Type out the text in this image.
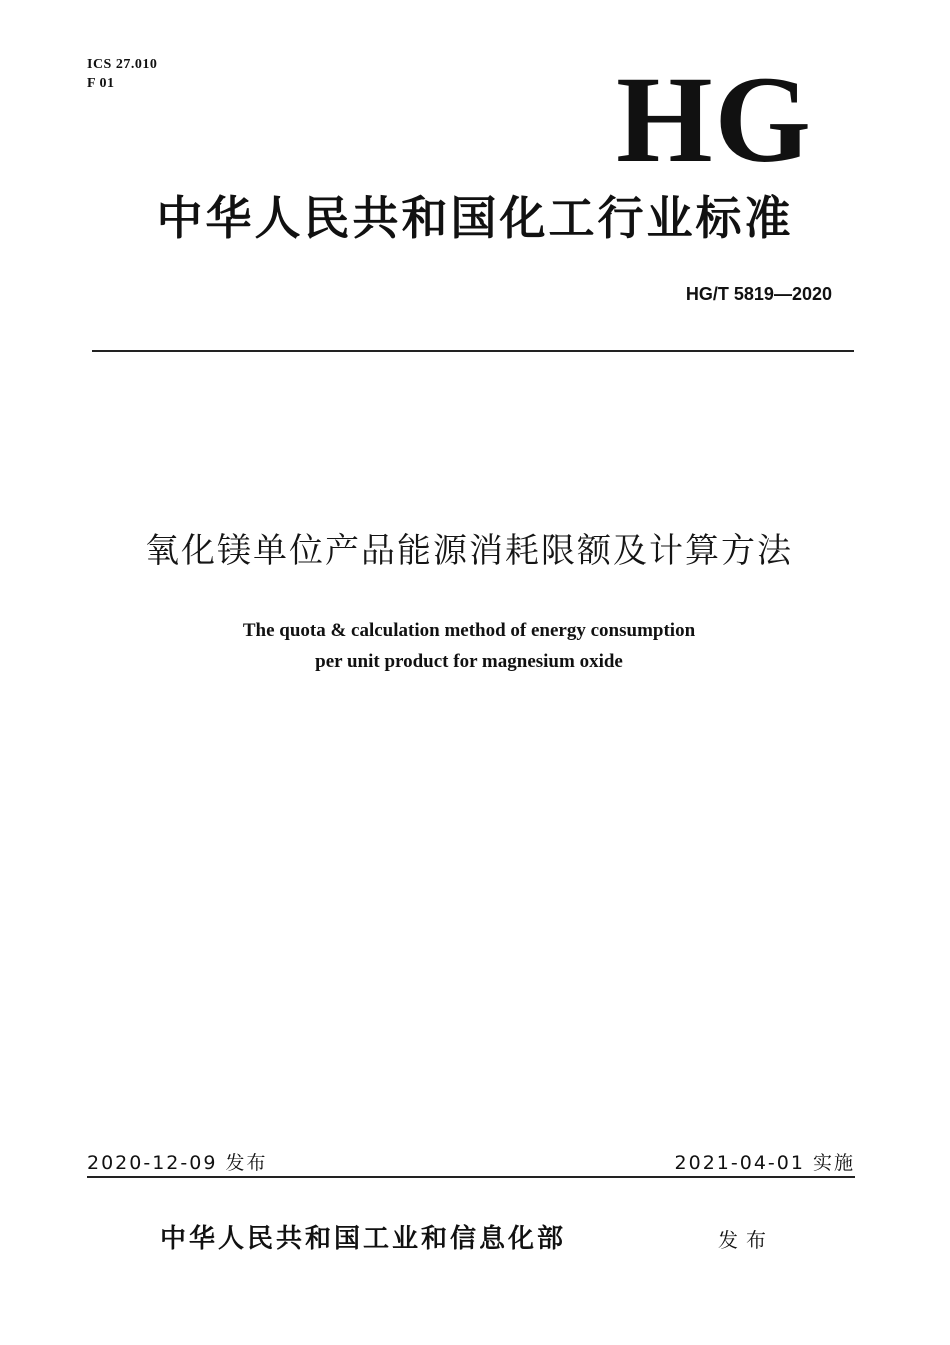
ICS 27.010
F 01	HG
中华人民共和国化工行业标准
HG/T 5819—2020
氧化镁单位产品能源消耗限额及计算方法
The quota & calculation method of energy consumption
per unit product for magnesium oxide
2020-12-09 发布	2021-04-01 实施
中华人民共和国工业和信息化部	发布
